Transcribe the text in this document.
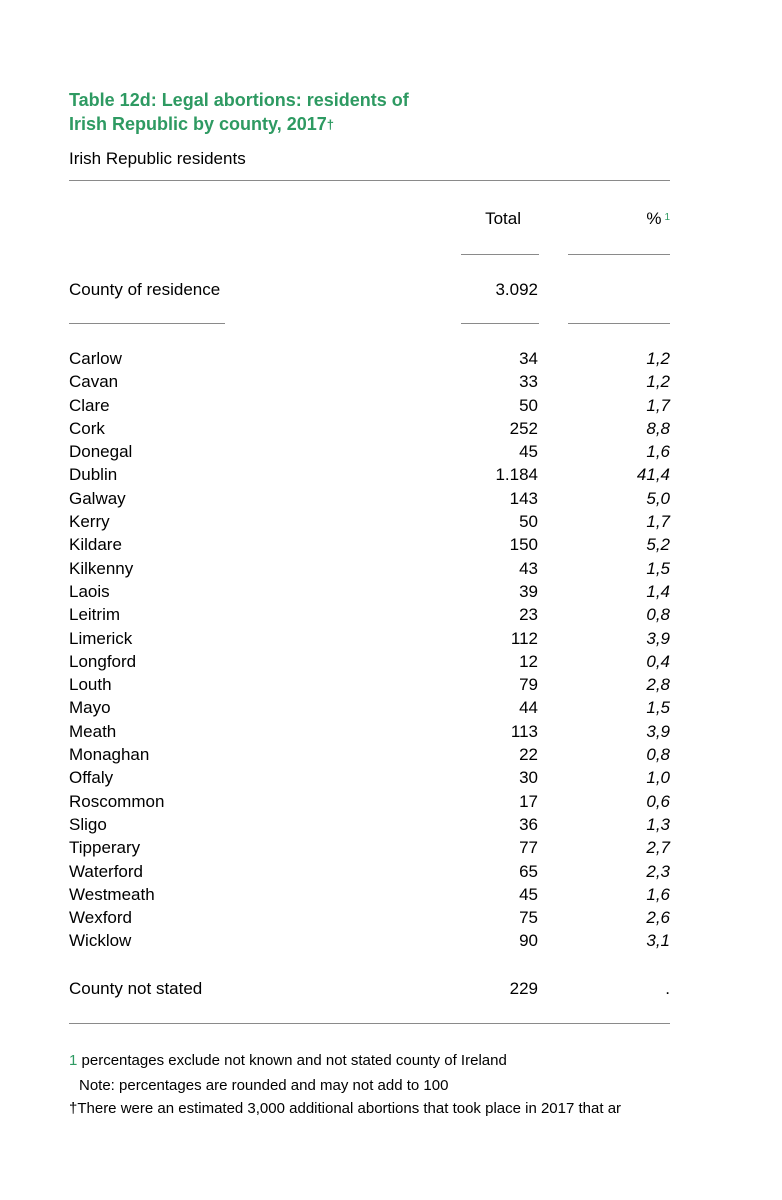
Table 12d: Legal abortions: residents of
Irish Republic by county, 2017†
Irish Republic residents
Total	% $^1$
County of residence	3.092
Carlow	34	1,2
Cavan	33	1,2
Clare	50	1,7
Cork	252	8,8
Donegal	45	1,6
Dublin	1.184	41,4
Galway	143	5,0
Kerry	50	1,7
Kildare	150	5,2
Kilkenny	43	1,5
Laois	39	1,4
Leitrim	23	0,8
Limerick	112	3,9
Longford	12	0,4
Louth	79	2,8
Mayo	44	1,5
Meath	113	3,9
Monaghan	22	0,8
Offaly	30	1,0
Roscommon	17	0,6
Sligo	36	1,3
Tipperary	77	2,7
Waterford	65	2,3
Westmeath	45	1,6
Wexford	75	2,6
Wicklow	90	3,1
County not stated	229	.
1 percentages exclude not known and not stated county of Ireland
Note: percentages are rounded and may not add to 100
†There were an estimated 3,000 additional abortions that took place in 2017 that ar
